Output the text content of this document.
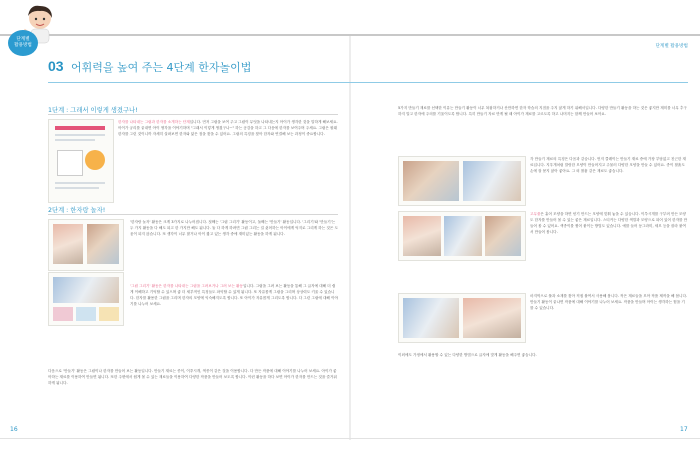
단계별
활용방법	단계별 활용방법
03 어휘력을 높여 주는 4단계 한자놀이법
1단계 : 그래서 이렇게 생겼구나!
한자를 나타내는 그림과 한자를 소개하는 단계입니다. 먼저 그림을 보여 주고 그림이 무엇을 나타내는지 아이가 생각한 것을 말하게 해보세요. 아이가 궁리를 끝내면 아이 생각을 이야기하며 "그래서 이렇게 생겼구나~" 하는 공감을 하고 그 다음에 한자를 보여주며 주세요. 그림은 원래 한자를 그린 것이니까 자세히 살펴보면 한자와 닮은 점을 찾을 수 있어요. 그림의 특징을 찾아 한자와 연결해 보는 과정이 중요합니다.
2단계 : 한자랑 놀자!
'한자랑 놀자' 활동은 크게 3가지로 나누어집니다. 첫째는 '그림 그리기' 활동이고, 둘째는 '만들기' 활동입니다. '그리기'와 '만들기'는 두 가지 활동을 다 해도 되고 한 가지만 해도 됩니다. 둘 다 하게 하려면 그림 그리는 걸 싫어하는 아이에게 억지로 그리게 하는 것은 도움이 되지 않습니다. 또 생각이 너무 많거나 아이 짧고 있는 생각 중에 재미있는 활동을 하게 됩니다.
'그림 그리기' 활동은 한자를 나타내는 그림을 그려보거나 그려 보는 활동입니다. 그림을 그려 보는 활동을 통해 그 글자에 대해 더 쉽게 이해하고 기억할 수 있으며 좋 더 세부적인 특징들도 파악할 수 있게 됩니다. 또 자유롭게 그림을 그리며 상상력도 키울 수 있습니다. 한자를 활용한 그림을 그리며 한자의 모양에 익숙해지도록 합니다. 또 아이가 자유롭게 그리도록 합니다. 다 그린 그림에 대해 이야기를 나누어 보세요.
다음으로 '만들기' 활동은 그림이나 한자를 만들어 보는 활동입니다. 만들기 재료는 종이, 이쑤시개, 색종이 같은 것을 이용합니다. 다 만든 작품에 대해 이야기를 나누어 보세요. 아이가 좋아하는 재료를 이용하여 만들면 됩니다. 또한 주변에서 쉽게 볼 수 있는 재료들을 이용하여 다양한 작품을 만들어 보도록 합니다. 이런 활동을 하다 보면 아이가 한자를 만드는 것을 즐거워하게 됩니다.
16
5가지 만들기 재료를 선택한 이유는 만들기 활동이 너무 복잡하거나 산만하면 한자 학습의 지점을 주지 않게 하기 위해서입니다. 다양한 만들기 활동을 하는 것은 좋지만 재미를 너무 추구하지 말고 한자에 주의를 기울이도록 합니다. 특히 만들기 자료 만게 될 때 아이가 재료를 고르도록 하고 나머지는 함께 만들어 보아요.
각 만들기 재료의 특징은 다음과 같습니다. 먼저 클레이는 만들기 재료 중에 가장 부담없고 친근한 재료입니다. 지우개처럼 말랑한 모양이 만들어지고 주물러 다양한 모양을 만들 수 있어요. 종이 찰흙도 손에 잘 묻지 않아 좋아요. 그 외 찰흙 같은 재료도 좋습니다.
고무줄은 흩어 모양을 하면 얻기 만드는 모양에 맞춰 놓을 수 있습니다. 이쑤시개를 구부려 만든 모양도 한자를 만들어 볼 수 있는 좋은 재료입니다. 스티커는 다양한 색깔과 모양으로 되어 있어 한자를 만들어 볼 수 있어요. 색종이를 찢어 붙이는 방법도 있습니다. 예를 들어 동그라미, 세모 등을 잘라 붙여서 만들어 봅니다.
마지막으로 풀과 소재를 찾아 직접 붙여서 사용해 봅니다. 작은 재료들을 모아 작품 제작을 해 봅니다. 만들기 활동이 끝나면 작품에 대해 이야기를 나누어 보세요. 작품을 만들며 아이는 생각하는 힘을 기를 수 있습니다.
이외에도 가정에서 활용할 수 있는 다양한 방법으로 글자에 맞게 활동을 해주면 좋습니다.
17
